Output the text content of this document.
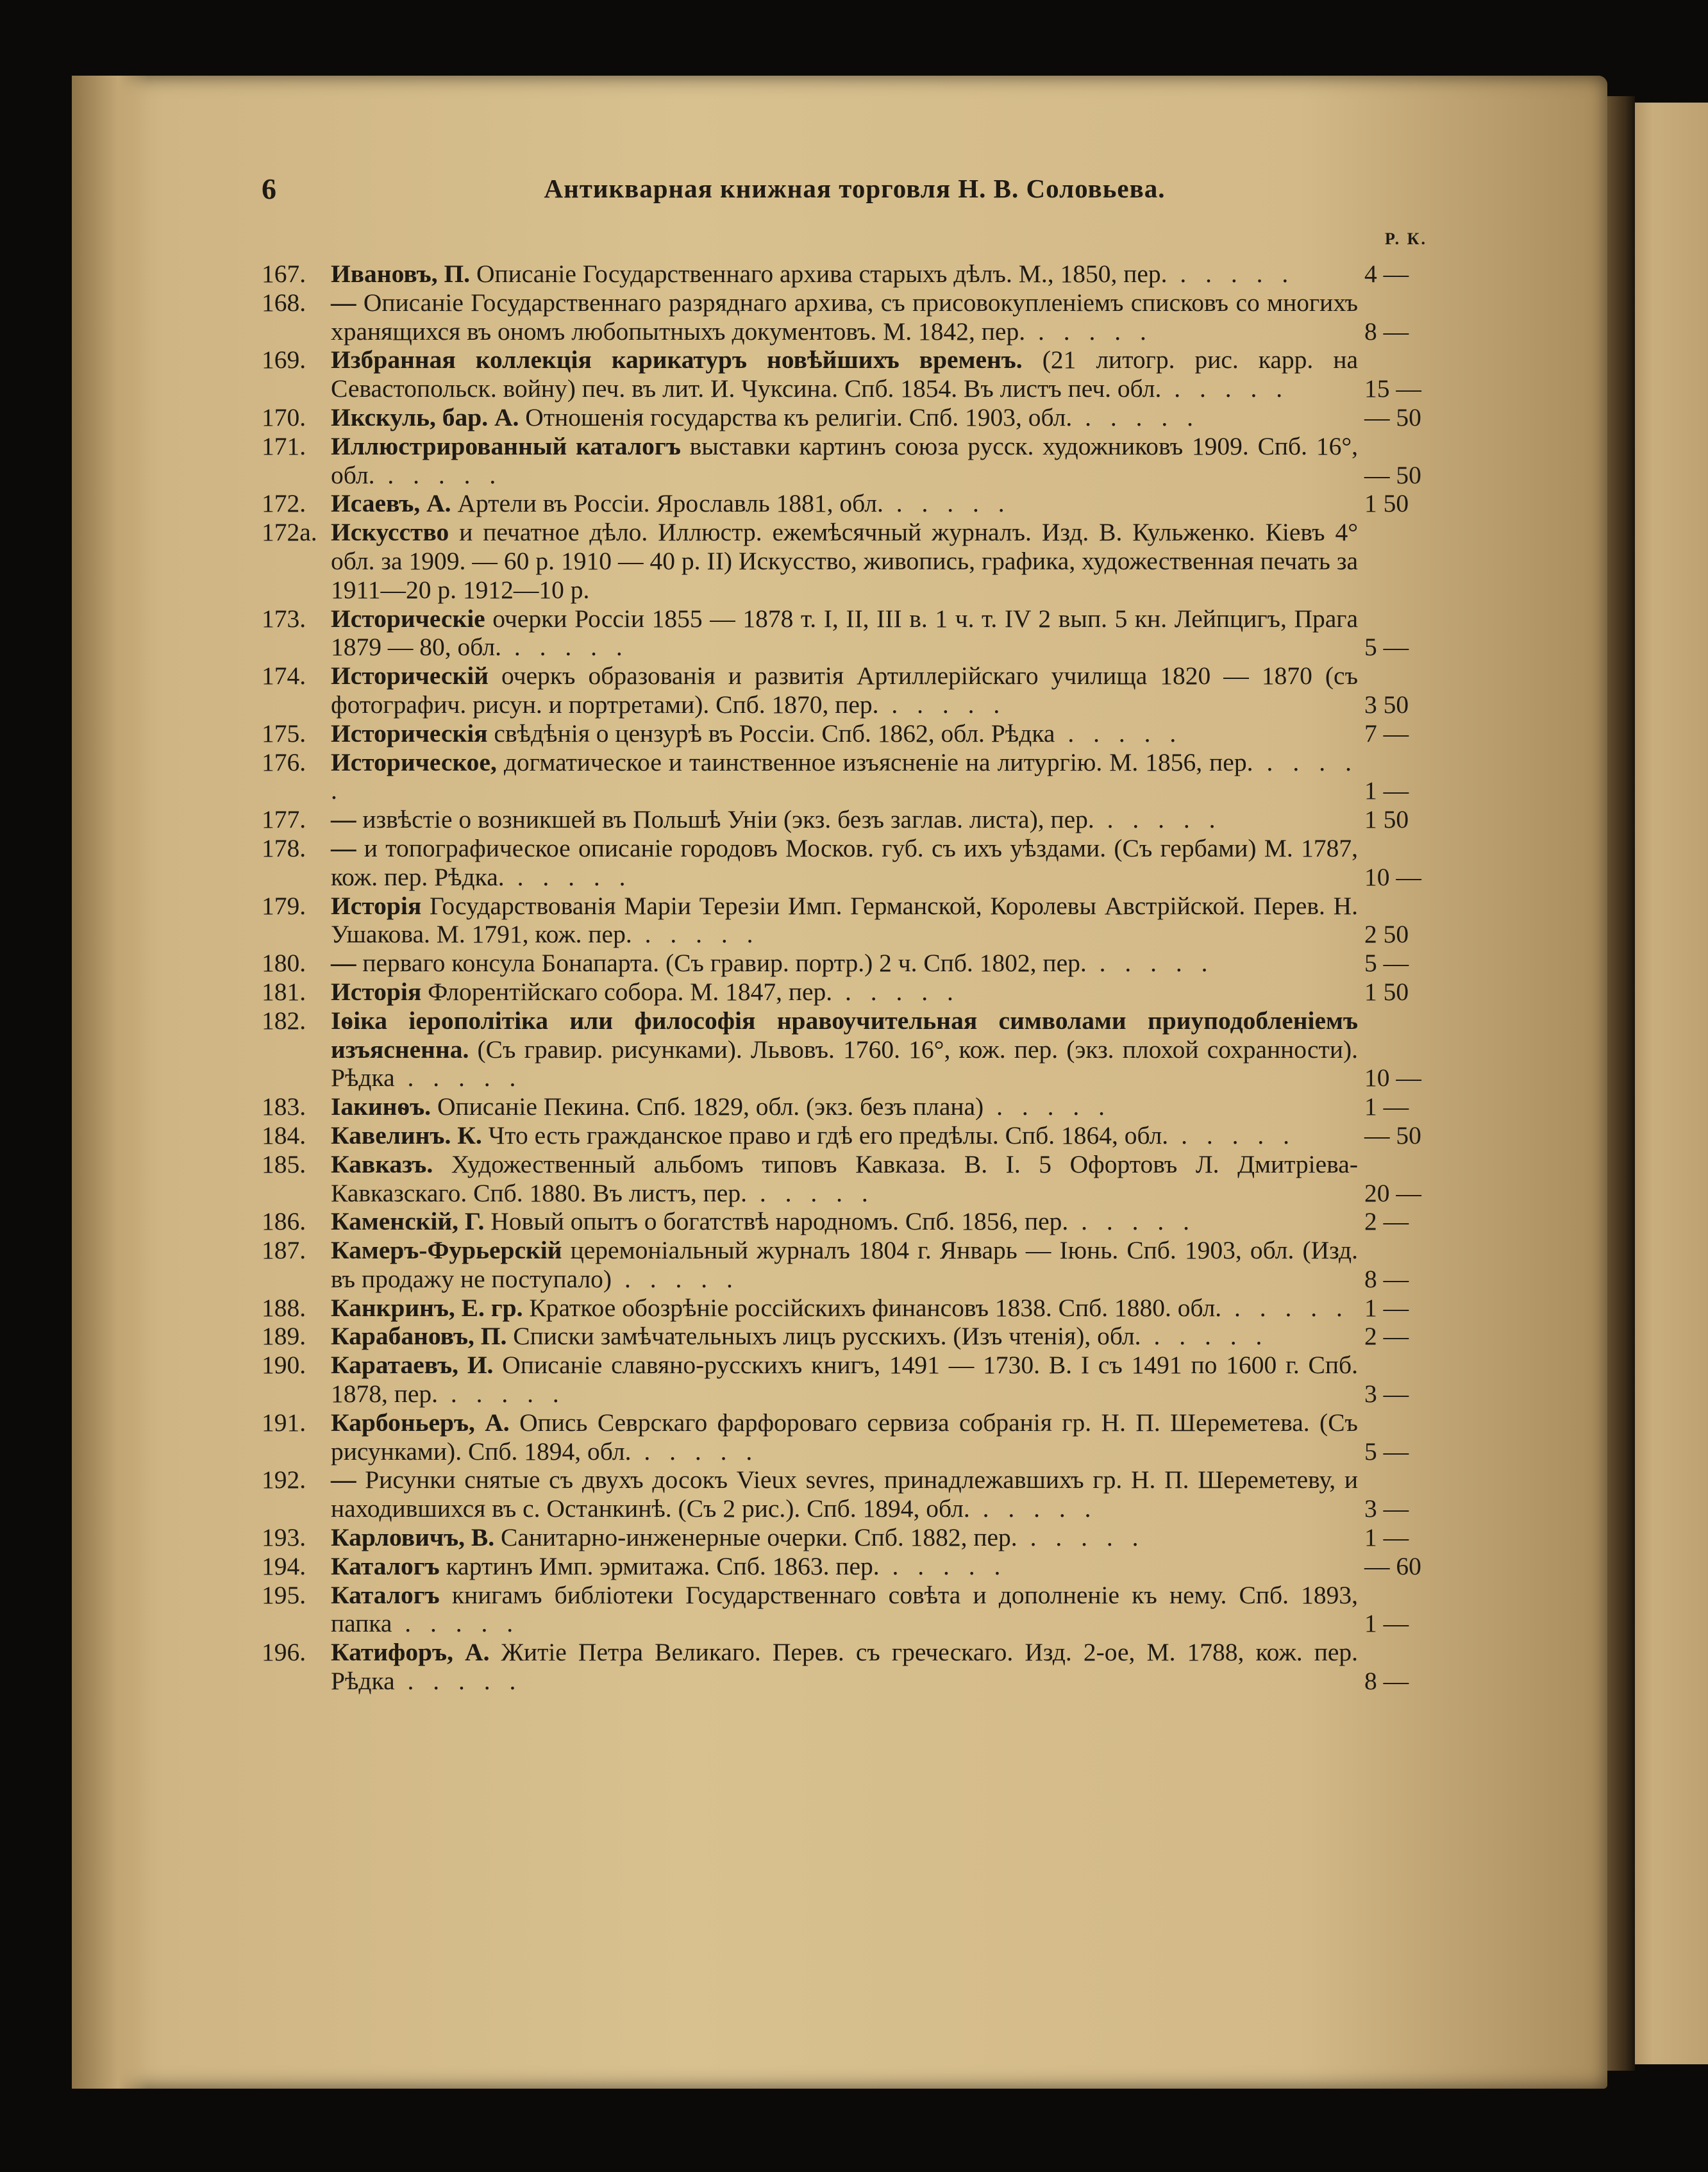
6	Антикварная книжная торговля Н. В. Соловьева.
Р. К.
167. Ивановъ, П. Описаніе Государственнаго архива старыхъ дѣлъ. М., 1850, пер. . . . . .	4 —
168. — Описаніе Государственнаго разряднаго архива, съ присовокупленіемъ списковъ со многихъ хранящихся въ ономъ любопытныхъ документовъ. М. 1842, пер. . . . . .	8 —
169. Избранная коллекція карикатуръ новѣйшихъ временъ. (21 литогр. рис. карр. на Севастопольск. войну) печ. въ лит. И. Чуксина. Спб. 1854. Въ листъ печ. обл. . . . . .	15 —
170. Икскуль, бар. А. Отношенія государства къ религіи. Спб. 1903, обл. . . . . .	— 50
171. Иллюстрированный каталогъ выставки картинъ союза русск. художниковъ 1909. Спб. 16°, обл. . . . . .	— 50
172. Исаевъ, А. Артели въ Россіи. Ярославль 1881, обл. . . . . .	1 50
172а. Искусство и печатное дѣло. Иллюстр. ежемѣсячный журналъ. Изд. В. Кульженко. Кіевъ 4° обл. за 1909. — 60 р. 1910 — 40 р. II) Искусство, живопись, графика, художественная печать за 1911—20 р. 1912—10 р.
173. Историческіе очерки Россіи 1855 — 1878 т. I, II, III в. 1 ч. т. IV 2 вып. 5 кн. Лейпцигъ, Прага 1879 — 80, обл. . . . . .	5 —
174. Историческій очеркъ образованія и развитія Артиллерійскаго училища 1820 — 1870 (съ фотографич. рисун. и портретами). Спб. 1870, пер. . . . . .	3 50
175. Историческія свѣдѣнія о цензурѣ въ Россіи. Спб. 1862, обл. Рѣдка . . . . .	7 —
176. Историческое, догматическое и таинственное изъясненіе на литургію. М. 1856, пер. . . . . .	1 —
177. — извѣстіе о возникшей въ Польшѣ Уніи (экз. безъ заглав. листа), пер. . . . . .	1 50
178. — и топографическое описаніе городовъ Москов. губ. съ ихъ уѣздами. (Съ гербами) М. 1787, кож. пер. Рѣдка. . . . . .	10 —
179. Исторія Государствованія Маріи Терезіи Имп. Германской, Королевы Австрійской. Перев. Н. Ушакова. М. 1791, кож. пер. . . . . .	2 50
180. — перваго консула Бонапарта. (Съ гравир. портр.) 2 ч. Спб. 1802, пер. . . . . .	5 —
181. Исторія Флорентійскаго собора. М. 1847, пер. . . . . .	1 50
182. Іѳіка іерополітіка или философія нравоучительная символами приуподобленіемъ изъясненна. (Съ гравир. рисунками). Львовъ. 1760. 16°, кож. пер. (экз. плохой сохранности). Рѣдка . . . . .	10 —
183. Іакинѳъ. Описаніе Пекина. Спб. 1829, обл. (экз. безъ плана) . . . . .	1 —
184. Кавелинъ. К. Что есть гражданское право и гдѣ его предѣлы. Спб. 1864, обл. . . . . .	— 50
185. Кавказъ. Художественный альбомъ типовъ Кавказа. В. I. 5 Офортовъ Л. Дмитріева-Кавказскаго. Спб. 1880. Въ листъ, пер. . . . . .	20 —
186. Каменскій, Г. Новый опытъ о богатствѣ народномъ. Спб. 1856, пер. . . . . .	2 —
187. Камеръ-Фурьерскій церемоніальный журналъ 1804 г. Январь — Іюнь. Спб. 1903, обл. (Изд. въ продажу не поступало) . . . . .	8 —
188. Канкринъ, Е. гр. Краткое обозрѣніе россійскихъ финансовъ 1838. Спб. 1880. обл. . . . . . 1 —
189. Карабановъ, П. Списки замѣчательныхъ лицъ русскихъ. (Изъ чтенія), обл. . . . . .	2 —
190. Каратаевъ, И. Описаніе славяно-русскихъ книгъ, 1491 — 1730. В. I съ 1491 по 1600 г. Спб. 1878, пер. . . . . .	3 —
191. Карбоньеръ, А. Опись Севрскаго фарфороваго сервиза собранія гр. Н. П. Шереметева. (Съ рисунками). Спб. 1894, обл. . . . . .	5 —
192. — Рисунки снятые съ двухъ досокъ Vieux sevres, принадлежавшихъ гр. Н. П. Шереметеву, и находившихся въ с. Останкинѣ. (Съ 2 рис.). Спб. 1894, обл. . . . . .	3 —
193. Карловичъ, В. Санитарно-инженерные очерки. Спб. 1882, пер. . . . . .	1 —
194. Каталогъ картинъ Имп. эрмитажа. Спб. 1863. пер. . . . . .	— 60
195. Каталогъ книгамъ библіотеки Государственнаго совѣта и дополненіе къ нему. Спб. 1893, папка . . . . .	1 —
196. Катифоръ, А. Житіе Петра Великаго. Перев. съ греческаго. Изд. 2-ое, М. 1788, кож. пер. Рѣдка . . . . .	8 —
